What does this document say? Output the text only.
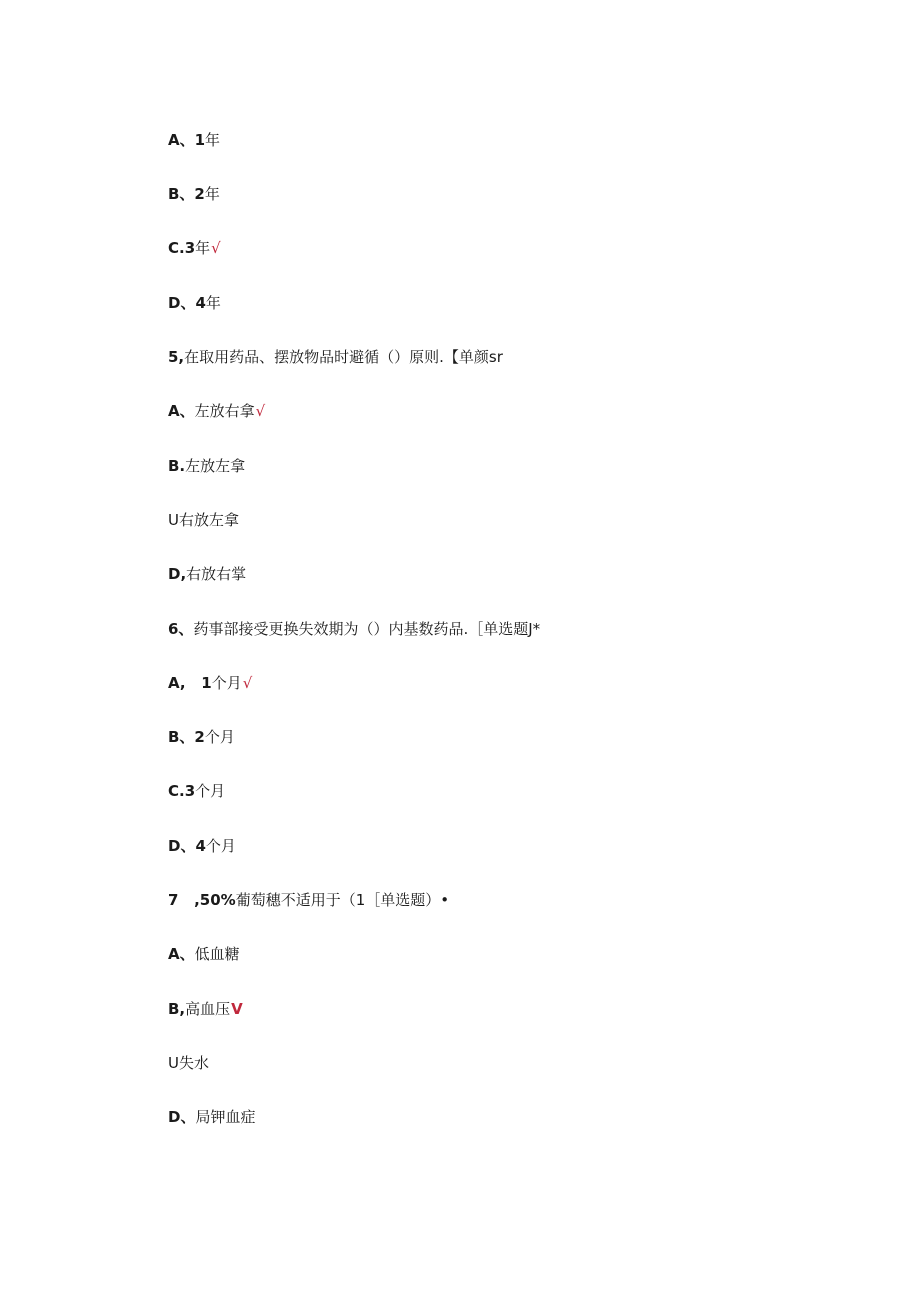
A、1年
B、2年
C.3年√
D、4年
5,在取用药品、摆放物品时避循（）原则.【单颜sr
A、左放右拿√
B.左放左拿
U右放左拿
D,右放右掌
6、药事部接受更换失效期为（）内基数药品.［单选题J*
A,   1个月√
B、2个月
C.3个月
D、4个月
7   ,50%葡萄穗不适用于（1［单选题）•
A、低血糖
B,高血压V
U失水
D、局钾血症
